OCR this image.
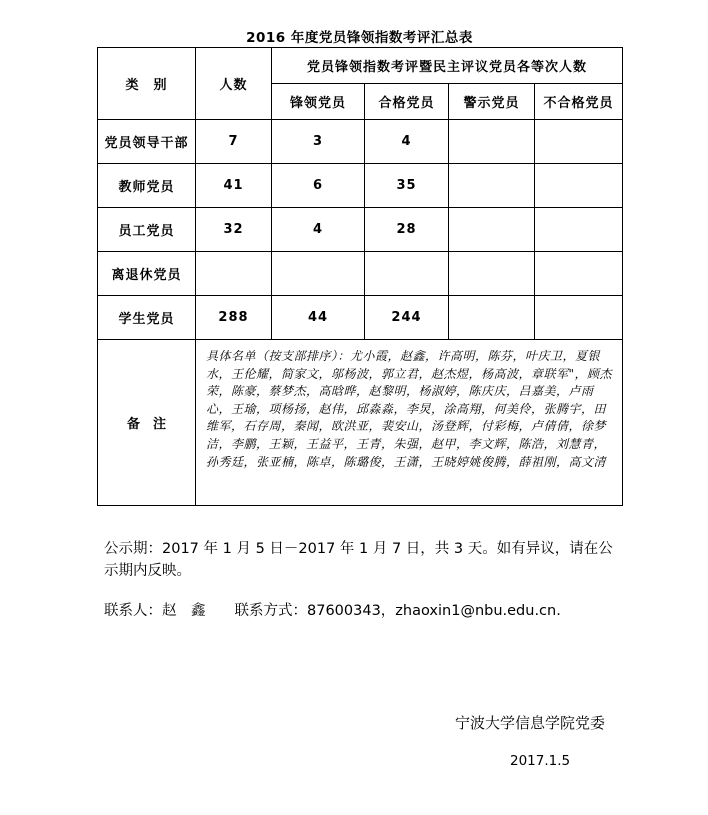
2016 年度党员锋领指数考评汇总表
类　别	人数	党员锋领指数考评暨民主评议党员各等次人数			
		锋领党员	合格党员	警示党员	不合格党员
党员领导干部	7	3	4		
教师党员	41	6	35		
员工党员	32	4	28		
离退休党员					
学生党员	288	44	244		
备　注	具体名单（按支部排序）：尤小霞，赵鑫，许高明，陈芬，叶庆卫，夏银水，王伦耀，简家文，邬杨波，郭立君，赵杰煜，杨高波，章联军"，顾杰荣，陈豪，蔡梦杰，高晗晔，赵黎明，杨淑婷，陈庆庆，吕嘉美，卢雨心，王瑜，项杨扬，赵伟，邱淼淼，李炅，涂高翔，何美伶，张腾宇，田维军，石存周，秦闻，欧洪亚，裴安山，汤登辉，付彩梅，卢倩倩，徐梦洁，李鹏，王颖，王益平，王青，朱强，赵甲，李文辉，陈浩，刘慧青，孙秀廷，张亚楠，陈卓，陈璐俊，王潇，王晓婷姚俊腾，薛祖刚，高文清				

公示期：2017 年 1 月 5 日－2017 年 1 月 7 日，共 3 天。如有异议，请在公示期内反映。

联系人：赵　鑫　　联系方式：87600343，zhaoxin1@nbu.edu.cn.

宁波大学信息学院党委
2017.1.5
